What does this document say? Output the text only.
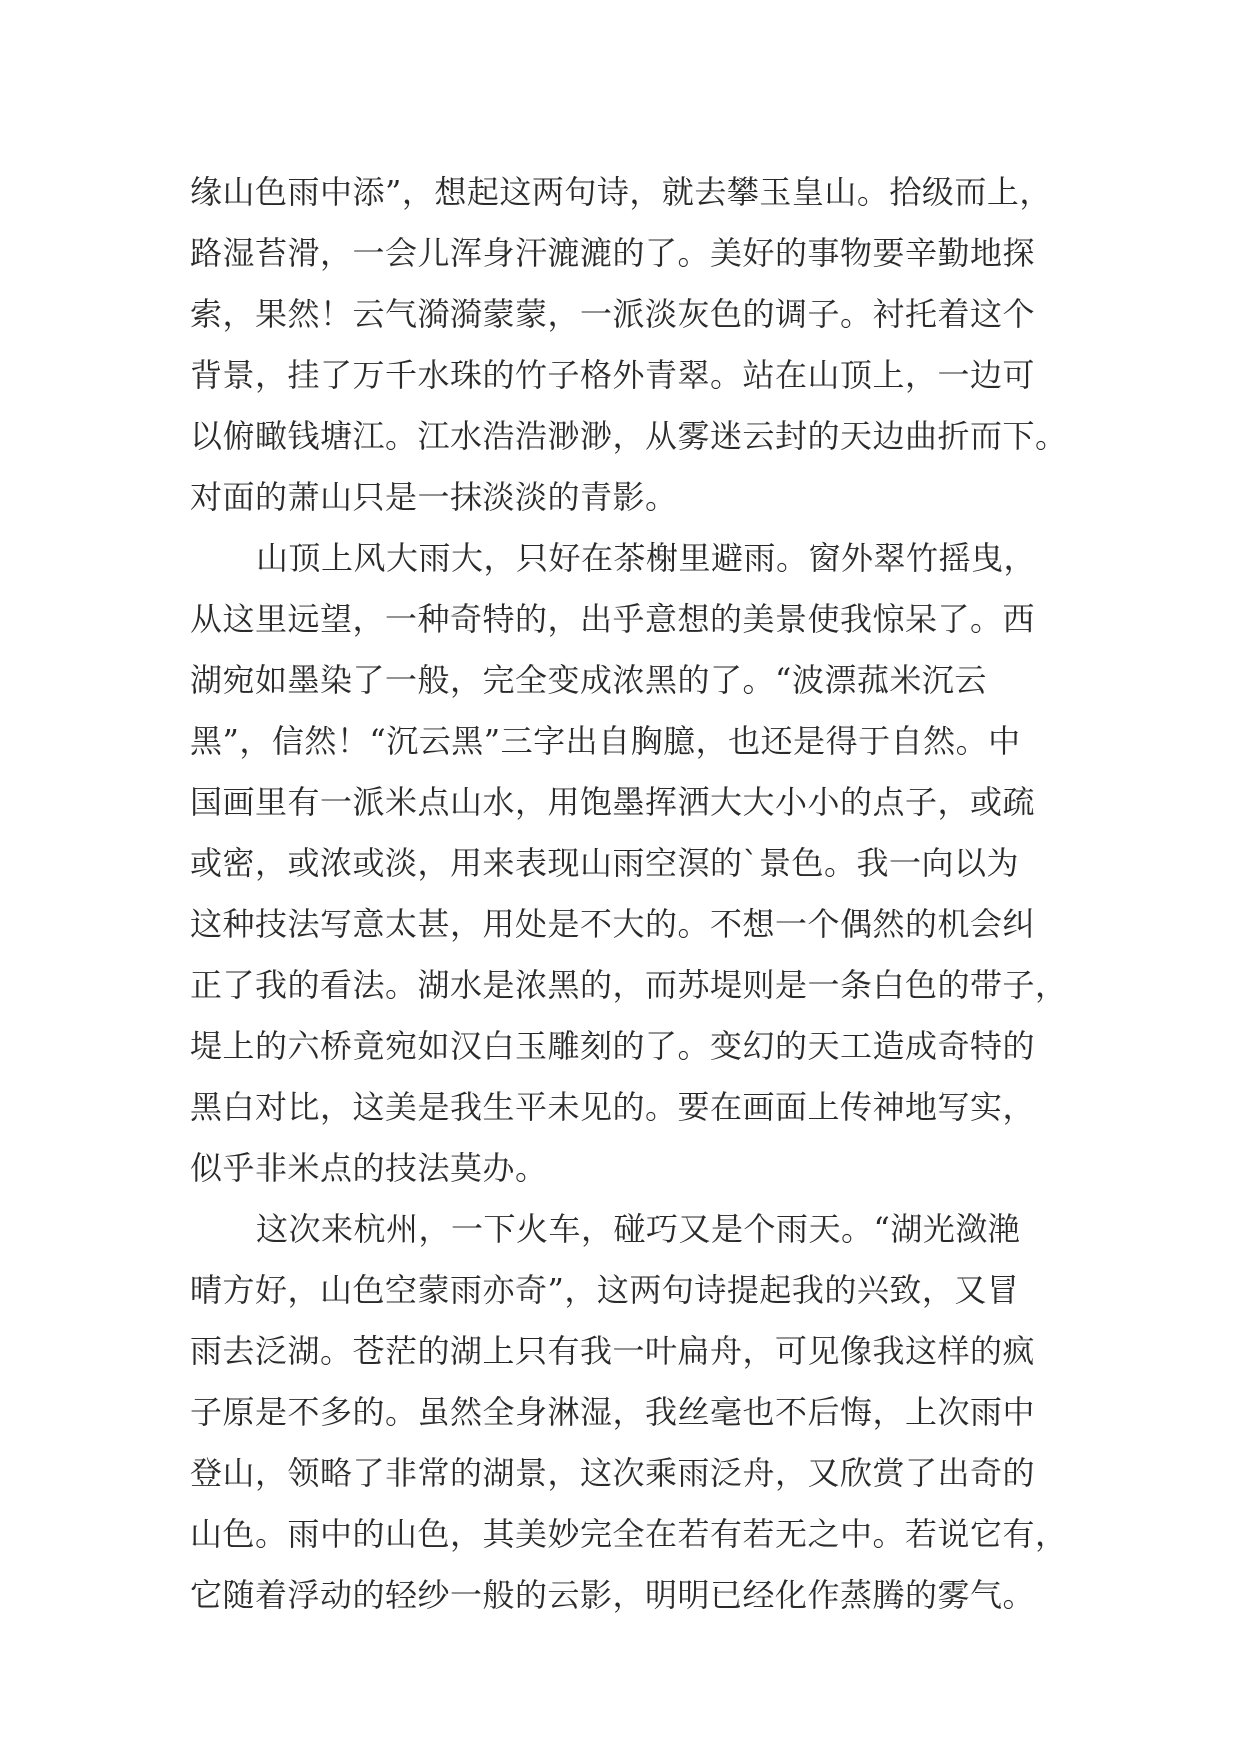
缘山色雨中添”，想起这两句诗，就去攀玉皇山。拾级而上，
路湿苔滑，一会儿浑身汗漉漉的了。美好的事物要辛勤地探
索，果然！云气漪漪蒙蒙，一派淡灰色的调子。衬托着这个
背景，挂了万千水珠的竹子格外青翠。站在山顶上，一边可
以俯瞰钱塘江。江水浩浩渺渺，从雾迷云封的天边曲折而下。
对面的萧山只是一抹淡淡的青影。
山顶上风大雨大，只好在茶榭里避雨。窗外翠竹摇曳，
从这里远望，一种奇特的，出乎意想的美景使我惊呆了。西
湖宛如墨染了一般，完全变成浓黑的了。“波漂菰米沉云
黑”，信然！“沉云黑”三字出自胸臆，也还是得于自然。中
国画里有一派米点山水，用饱墨挥洒大大小小的点子，或疏
或密，或浓或淡，用来表现山雨空溟的`景色。我一向以为
这种技法写意太甚，用处是不大的。不想一个偶然的机会纠
正了我的看法。湖水是浓黑的，而苏堤则是一条白色的带子，
堤上的六桥竟宛如汉白玉雕刻的了。变幻的天工造成奇特的
黑白对比，这美是我生平未见的。要在画面上传神地写实，
似乎非米点的技法莫办。
这次来杭州，一下火车，碰巧又是个雨天。“湖光潋滟
晴方好，山色空蒙雨亦奇”，这两句诗提起我的兴致，又冒
雨去泛湖。苍茫的湖上只有我一叶扁舟，可见像我这样的疯
子原是不多的。虽然全身淋湿，我丝毫也不后悔，上次雨中
登山，领略了非常的湖景，这次乘雨泛舟，又欣赏了出奇的
山色。雨中的山色，其美妙完全在若有若无之中。若说它有，
它随着浮动的轻纱一般的云影，明明已经化作蒸腾的雾气。
